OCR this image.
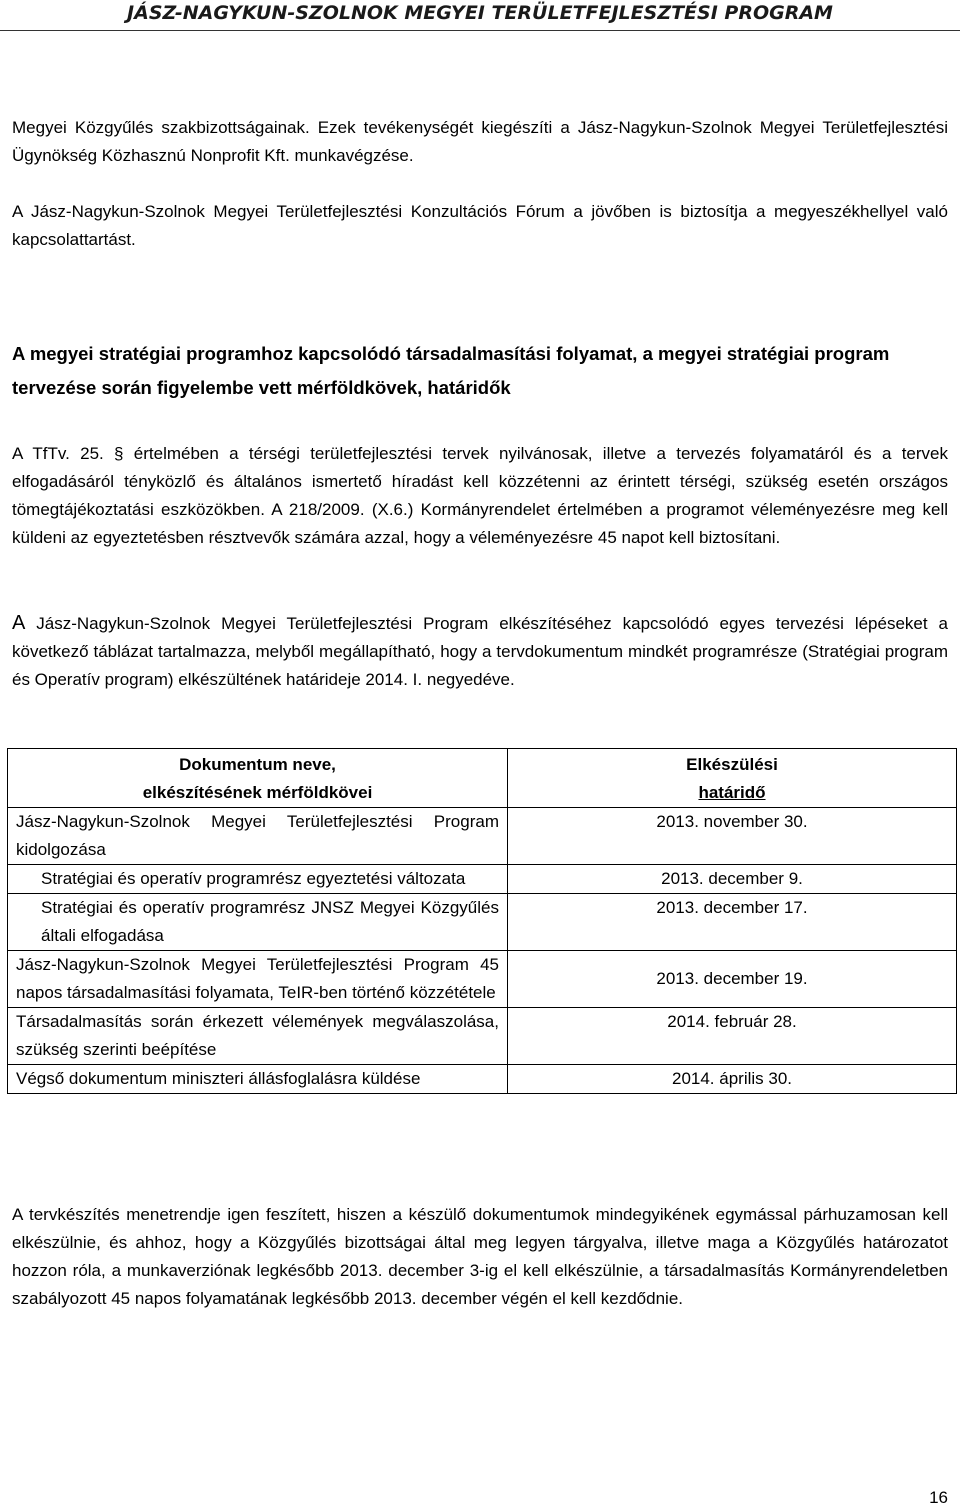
JÁSZ-NAGYKUN-SZOLNOK MEGYEI TERÜLETFEJLESZTÉSI PROGRAM

Megyei Közgyűlés szakbizottságainak. Ezek tevékenységét kiegészíti a Jász-Nagykun-Szolnok Megyei Területfejlesztési Ügynökség Közhasznú Nonprofit Kft. munkavégzése.

A Jász-Nagykun-Szolnok Megyei Területfejlesztési Konzultációs Fórum a jövőben is biztosítja a megyeszékhellyel való kapcsolattartást.

A megyei stratégiai programhoz kapcsolódó társadalmasítási folyamat, a megyei stratégiai program tervezése során figyelembe vett mérföldkövek, határidők

A TfTv. 25. § értelmében a térségi területfejlesztési tervek nyilvánosak, illetve a tervezés folyamatáról és a tervek elfogadásáról tényközlő és általános ismertető híradást kell közzétenni az érintett térségi, szükség esetén országos tömegtájékoztatási eszközökben. A 218/2009. (X.6.) Kormányrendelet értelmében a programot véleményezésre meg kell küldeni az egyeztetésben résztvevők számára azzal, hogy a véleményezésre 45 napot kell biztosítani.

A Jász-Nagykun-Szolnok Megyei Területfejlesztési Program elkészítéséhez kapcsolódó egyes tervezési lépéseket a következő táblázat tartalmazza, melyből megállapítható, hogy a tervdokumentum mindkét programrésze (Stratégiai program és Operatív program) elkészültének határideje 2014. I. negyedéve.

Dokumentum neve,
elkészítésének mérföldkövei	Elkészülési
határidő
Jász-Nagykun-Szolnok Megyei Területfejlesztési Program kidolgozása	2013. november 30.
Stratégiai és operatív programrész egyeztetési változata	2013. december 9.
Stratégiai és operatív programrész JNSZ Megyei Közgyűlés általi elfogadása	2013. december 17.
Jász-Nagykun-Szolnok Megyei Területfejlesztési Program 45 napos társadalmasítási folyamata, TeIR-ben történő közzététele	2013. december 19.
Társadalmasítás során érkezett vélemények megválaszolása, szükség szerinti beépítése	2014. február 28.
Végső dokumentum miniszteri állásfoglalásra küldése	2014. április 30.

A tervkészítés menetrendje igen feszített, hiszen a készülő dokumentumok mindegyikének egymással párhuzamosan kell elkészülnie, és ahhoz, hogy a Közgyűlés bizottságai által meg legyen tárgyalva, illetve maga a Közgyűlés határozatot hozzon róla, a munkaverziónak legkésőbb 2013. december 3-ig el kell elkészülnie, a társadalmasítás Kormányrendeletben szabályozott 45 napos folyamatának legkésőbb 2013. december végén el kell kezdődnie.

16
